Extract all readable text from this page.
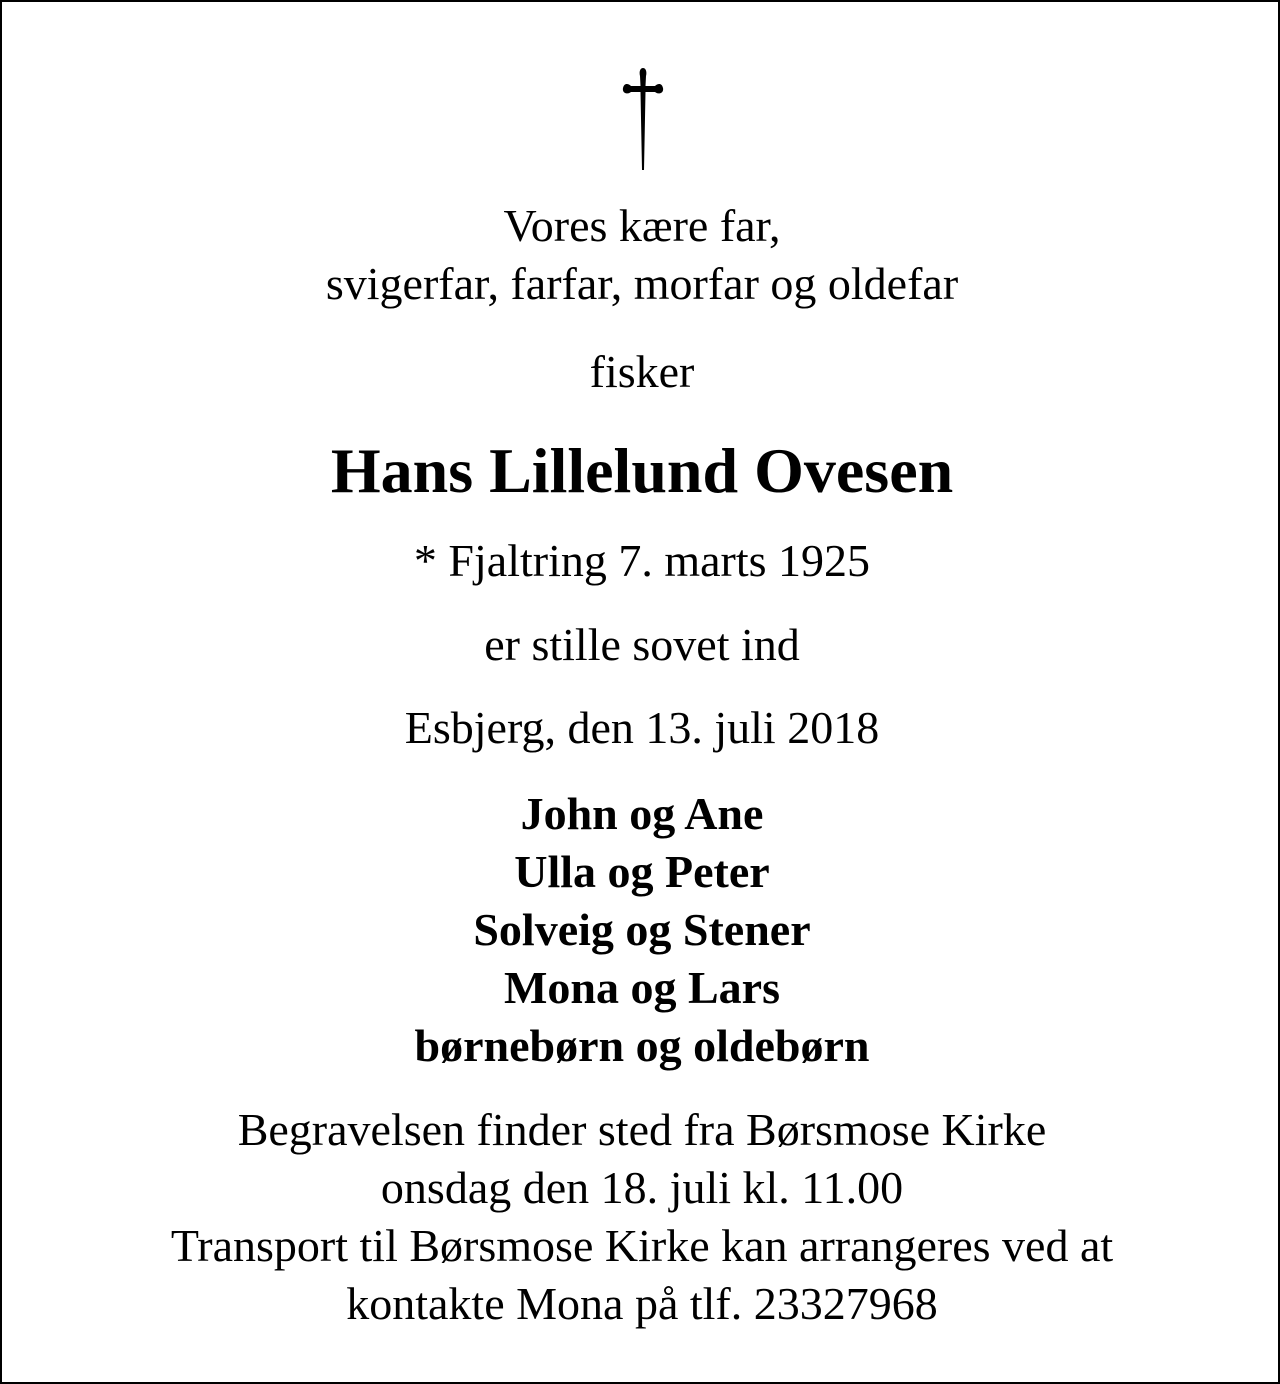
Vores kære far,
svigerfar, farfar, morfar og oldefar
fisker
Hans Lillelund Ovesen
* Fjaltring 7. marts 1925
er stille sovet ind
Esbjerg, den 13. juli 2018
John og Ane
Ulla og Peter
Solveig og Stener
Mona og Lars
børnebørn og oldebørn
Begravelsen finder sted fra Børsmose Kirke
onsdag den 18. juli kl. 11.00
Transport til Børsmose Kirke kan arrangeres ved at
kontakte Mona på tlf. 23327968
